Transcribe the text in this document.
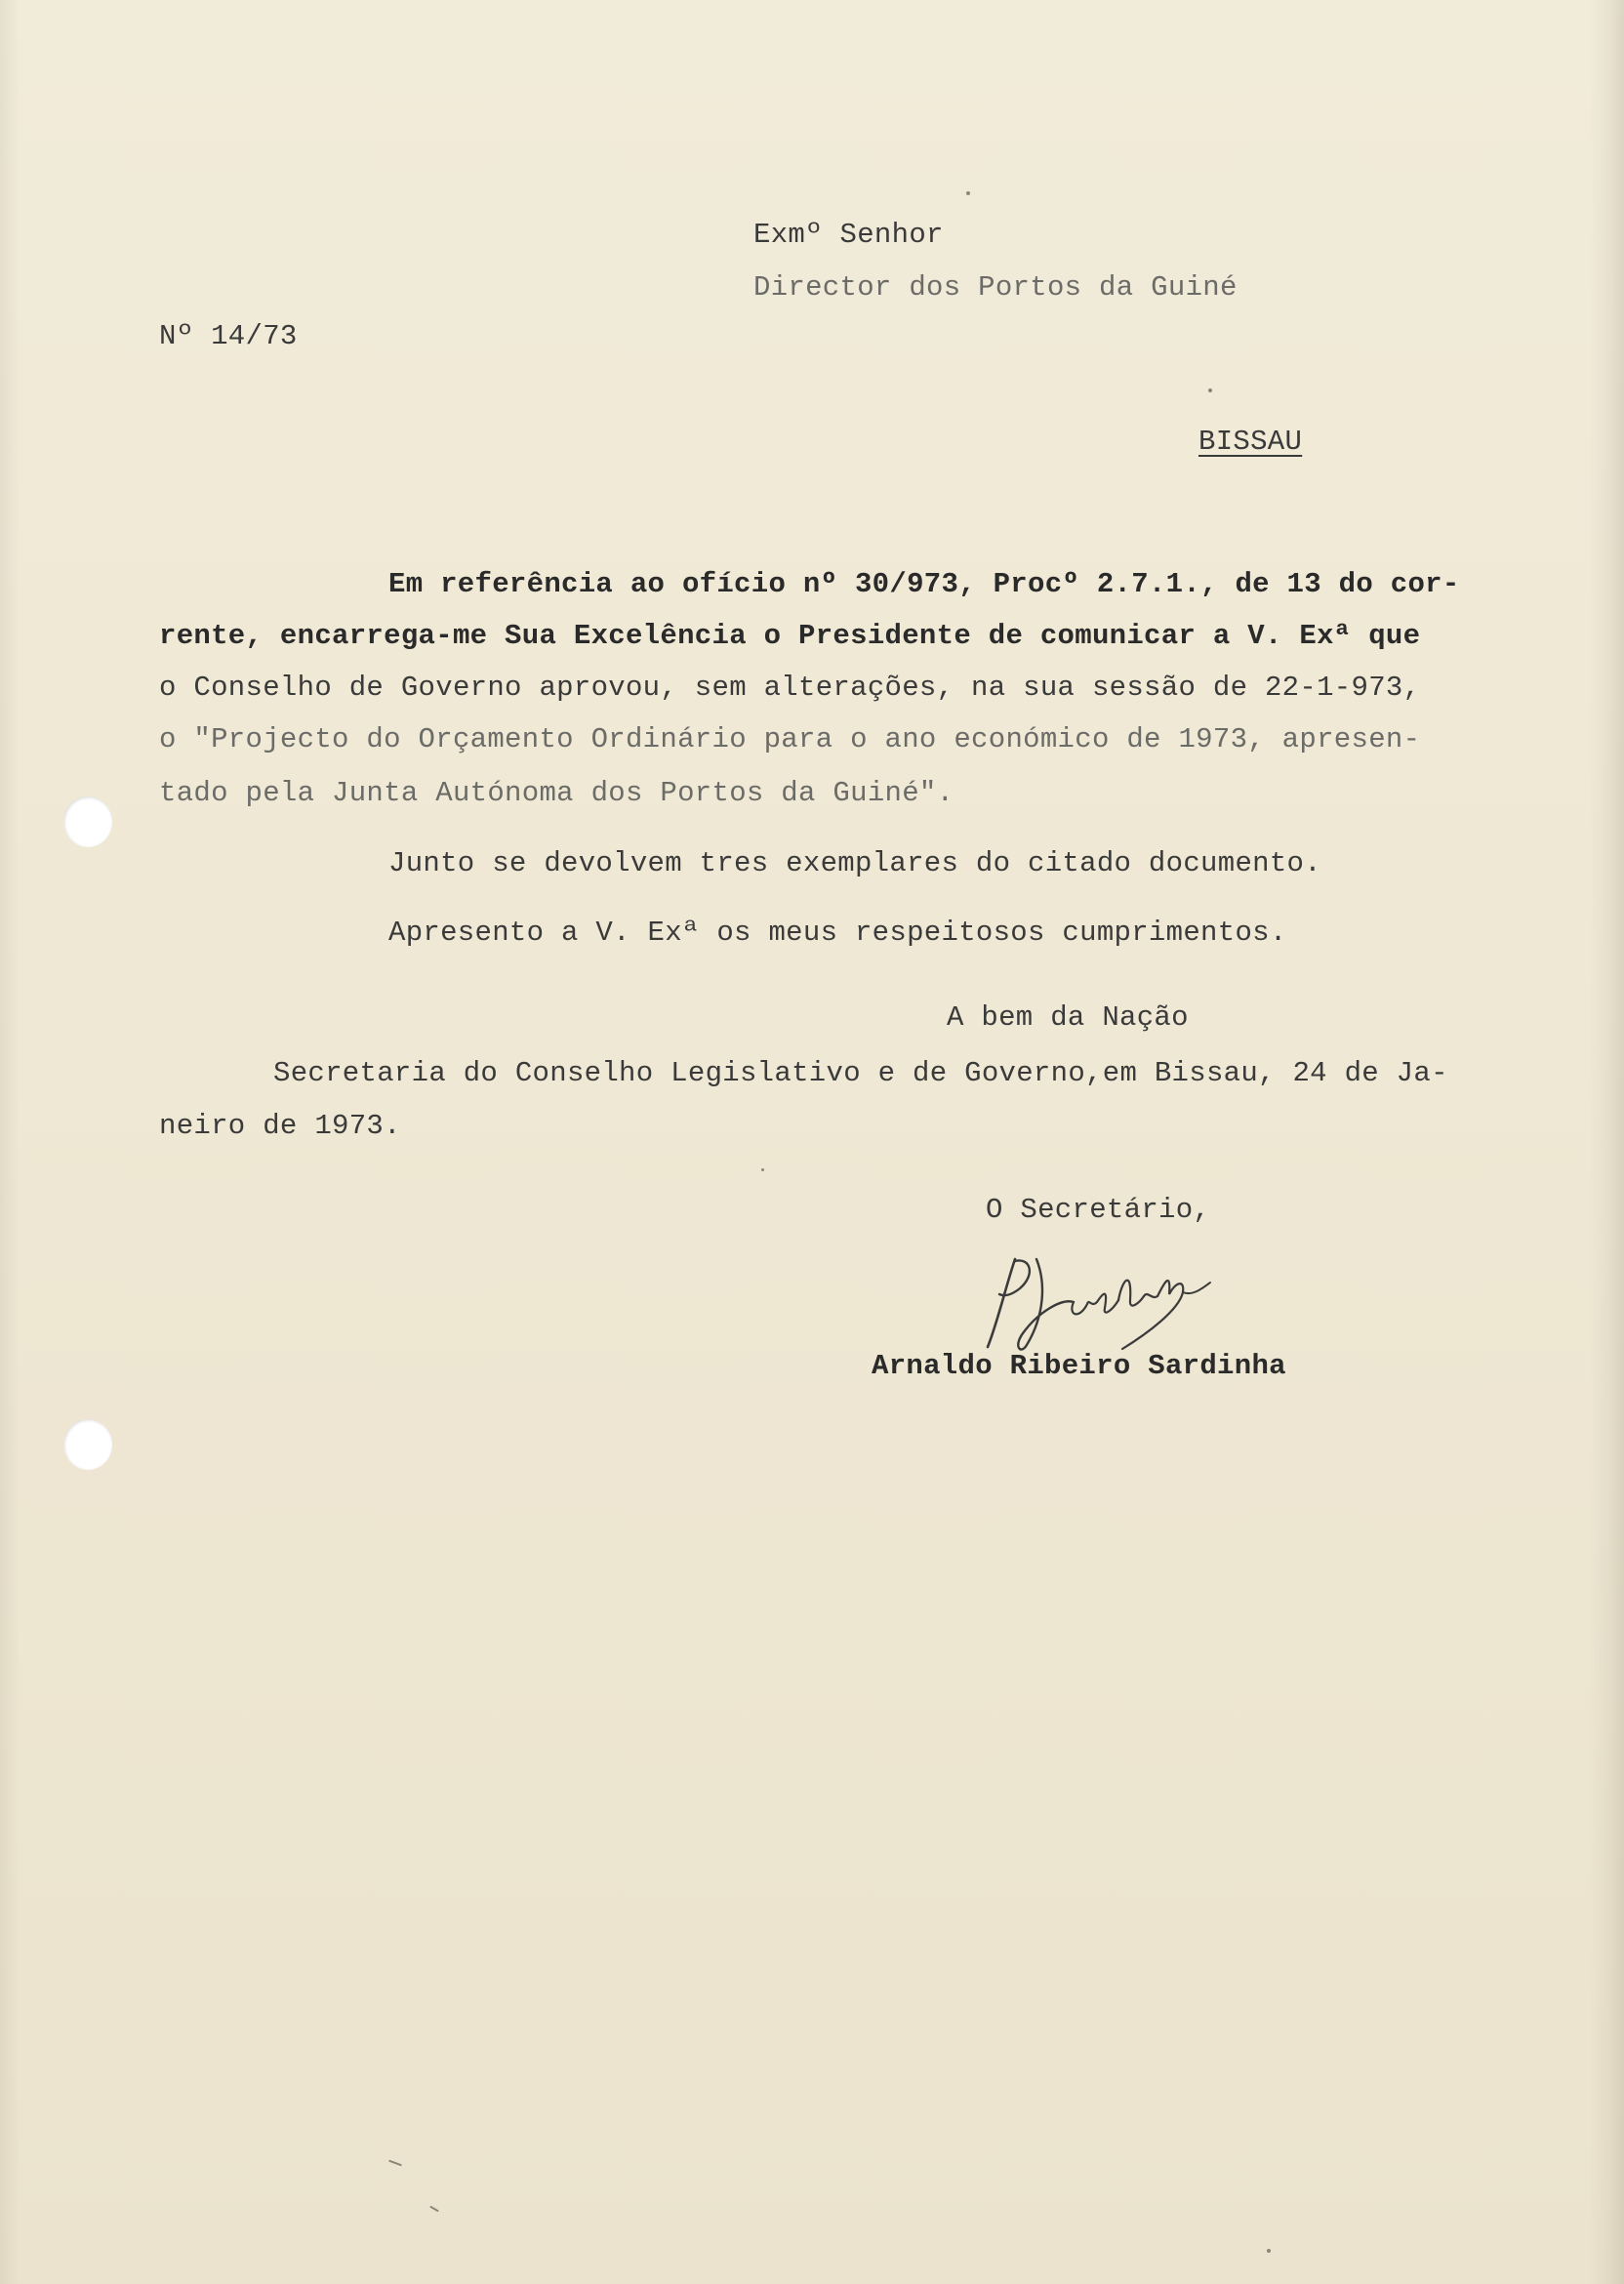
Exmº Senhor

Director dos Portos da Guiné

Nº 14/73

BISSAU

Em referência ao ofício nº 30/973, Procº 2.7.1., de 13 do cor-

rente, encarrega-me Sua Excelência o Presidente de comunicar a V. Exª que

o Conselho de Governo aprovou, sem alterações, na sua sessão de 22-1-973,

o "Projecto do Orçamento Ordinário para o ano económico de 1973, apresen-

tado pela Junta Autónoma dos Portos da Guiné".

Junto se devolvem tres exemplares do citado documento.

Apresento a V. Exª os meus respeitosos cumprimentos.

A bem da Nação

Secretaria do Conselho Legislativo e de Governo,em Bissau, 24 de Ja-

neiro de 1973.

O Secretário,

Arnaldo Ribeiro Sardinha
